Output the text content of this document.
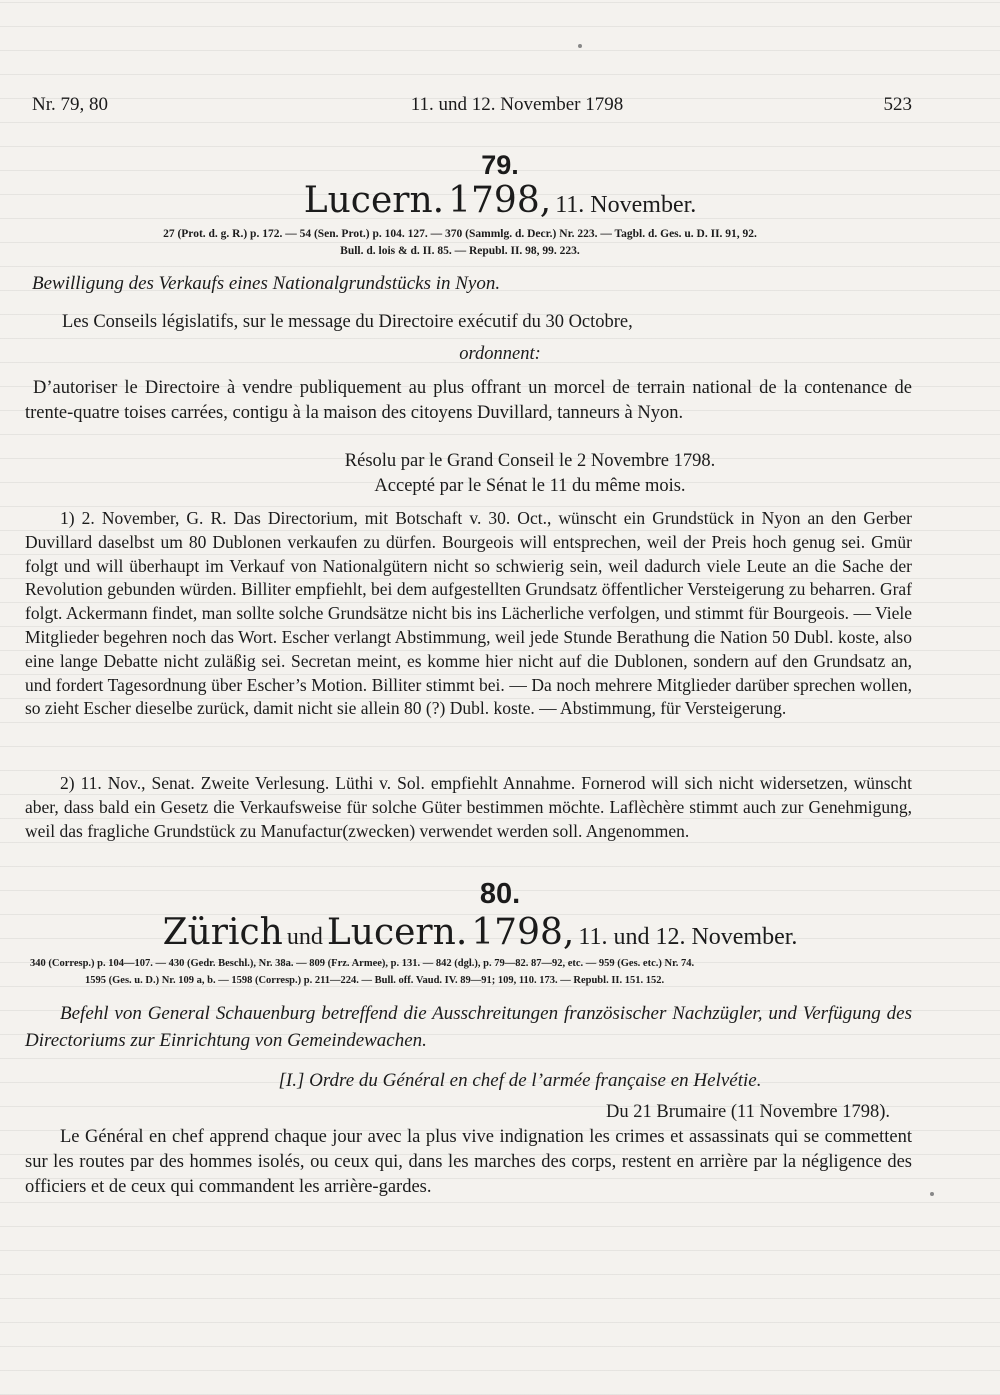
Nr. 79, 80	11. und 12. November 1798	523
79.
Lucern. 1798, 11. November.
27 (Prot. d. g. R.) p. 172. — 54 (Sen. Prot.) p. 104. 127. — 370 (Sammlg. d. Decr.) Nr. 223. — Tagbl. d. Ges. u. D. II. 91, 92.
Bull. d. lois & d. II. 85. — Republ. II. 98, 99. 223.
Bewilligung des Verkaufs eines Nationalgrundstücks in Nyon.
Les Conseils législatifs, sur le message du Directoire exécutif du 30 Octobre,
ordonnent:
D’autoriser le Directoire à vendre publiquement au plus offrant un morcel de terrain national de la contenance de trente-quatre toises carrées, contigu à la maison des citoyens Duvillard, tanneurs à Nyon.
Résolu par le Grand Conseil le 2 Novembre 1798.
Accepté par le Sénat le 11 du même mois.
1) 2. November, G. R. Das Directorium, mit Botschaft v. 30. Oct., wünscht ein Grundstück in Nyon an den Gerber Duvillard daselbst um 80 Dublonen verkaufen zu dürfen. Bourgeois will entsprechen, weil der Preis hoch genug sei. Gmür folgt und will überhaupt im Verkauf von Nationalgütern nicht so schwierig sein, weil dadurch viele Leute an die Sache der Revolution gebunden würden. Billiter empfiehlt, bei dem aufgestellten Grundsatz öffentlicher Versteigerung zu beharren. Graf folgt. Ackermann findet, man sollte solche Grundsätze nicht bis ins Lächerliche verfolgen, und stimmt für Bourgeois. — Viele Mitglieder begehren noch das Wort. Escher verlangt Abstimmung, weil jede Stunde Berathung die Nation 50 Dubl. koste, also eine lange Debatte nicht zuläßig sei. Secretan meint, es komme hier nicht auf die Dublonen, sondern auf den Grundsatz an, und fordert Tagesordnung über Escher’s Motion. Billiter stimmt bei. — Da noch mehrere Mitglieder darüber sprechen wollen, so zieht Escher dieselbe zurück, damit nicht sie allein 80 (?) Dubl. koste. — Abstimmung, für Versteigerung.
2) 11. Nov., Senat. Zweite Verlesung. Lüthi v. Sol. empfiehlt Annahme. Fornerod will sich nicht widersetzen, wünscht aber, dass bald ein Gesetz die Verkaufsweise für solche Güter bestimmen möchte. Laflèchère stimmt auch zur Genehmigung, weil das fragliche Grundstück zu Manufactur(zwecken) verwendet werden soll. Angenommen.
80.
Zürich und Lucern. 1798, 11. und 12. November.
340 (Corresp.) p. 104—107. — 430 (Gedr. Beschl.), Nr. 38a. — 809 (Frz. Armee), p. 131. — 842 (dgl.), p. 79—82. 87—92, etc. — 959 (Ges. etc.) Nr. 74.
1595 (Ges. u. D.) Nr. 109 a, b. — 1598 (Corresp.) p. 211—224. — Bull. off. Vaud. IV. 89—91; 109, 110. 173. — Republ. II. 151. 152.
Befehl von General Schauenburg betreffend die Ausschreitungen französischer Nachzügler, und Verfügung des Directoriums zur Einrichtung von Gemeindewachen.
[I.] Ordre du Général en chef de l’armée française en Helvétie.
Du 21 Brumaire (11 Novembre 1798).
Le Général en chef apprend chaque jour avec la plus vive indignation les crimes et assassinats qui se commettent sur les routes par des hommes isolés, ou ceux qui, dans les marches des corps, restent en arrière par la négligence des officiers et de ceux qui commandent les arrière-gardes.
